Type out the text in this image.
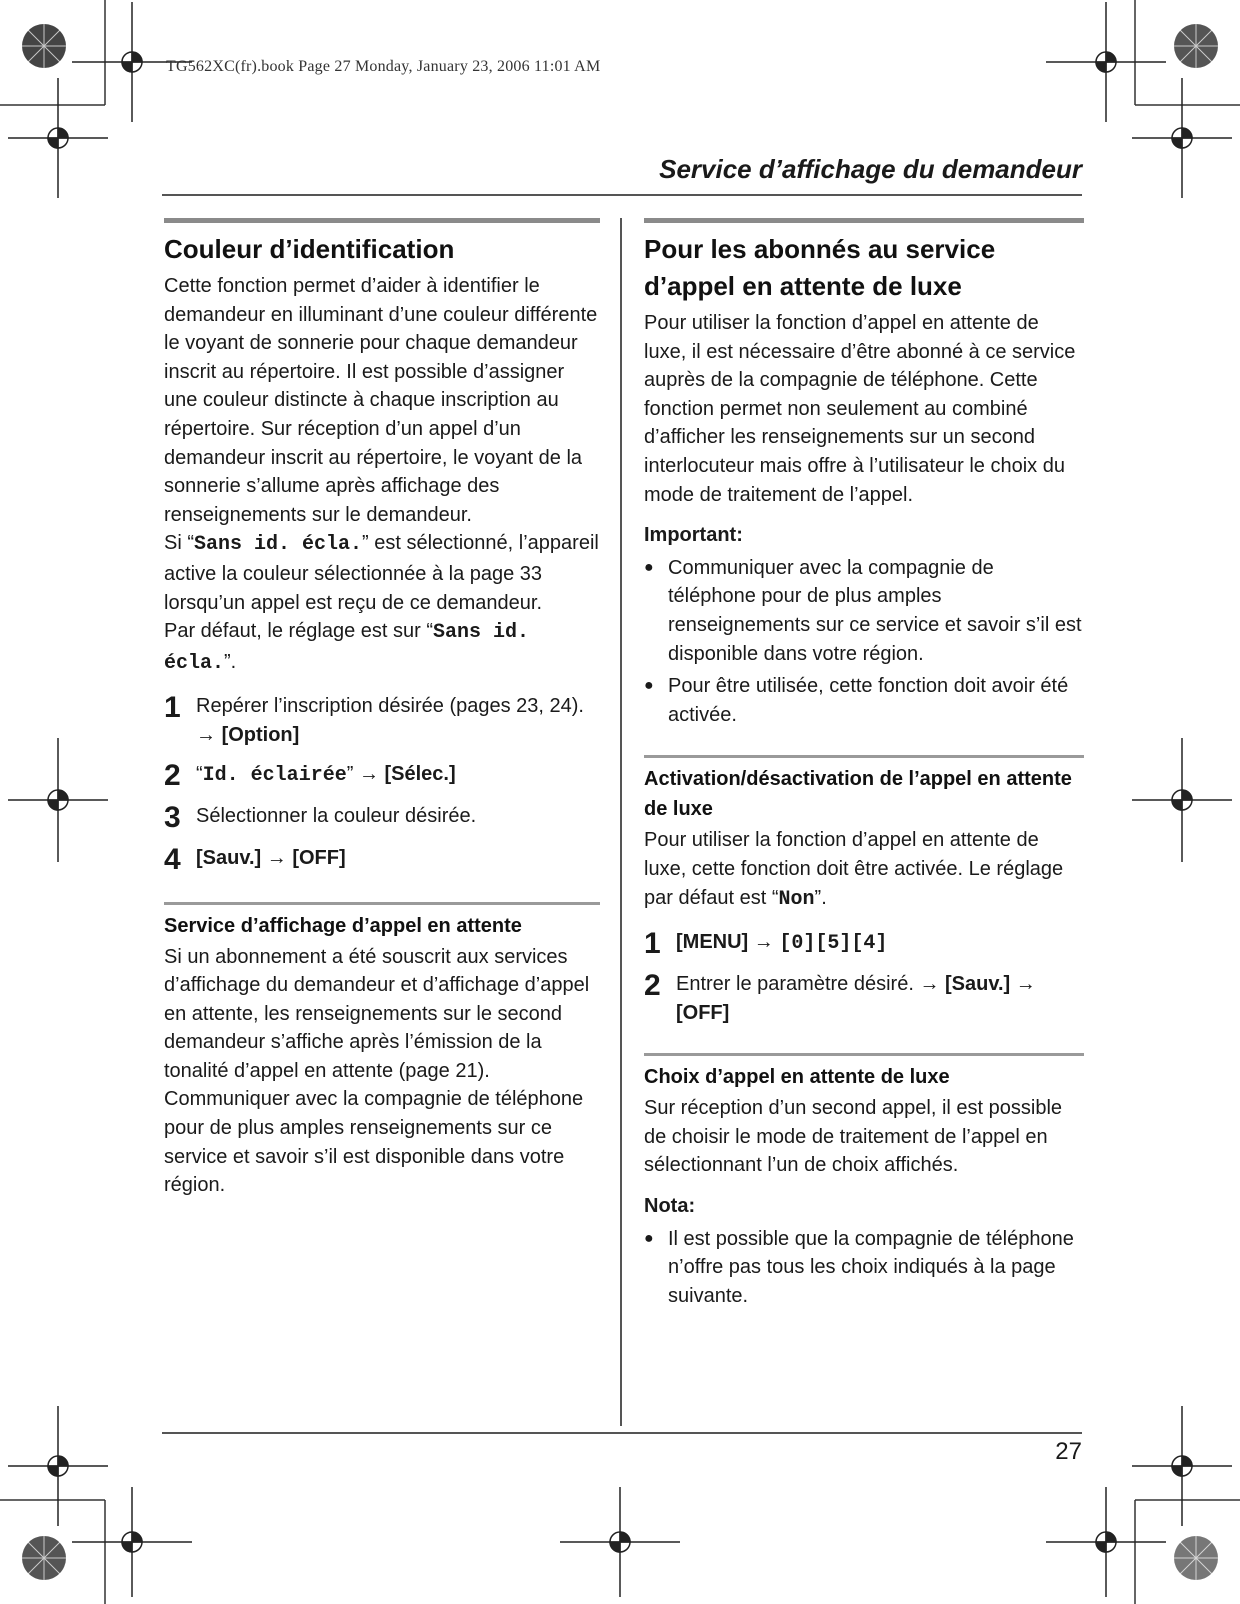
TG562XC(fr).book Page 27 Monday, January 23, 2006 11:01 AM
Service d’affichage du demandeur
Couleur d’identification

Cette fonction permet d’aider à identifier le demandeur en illuminant d’une couleur différente le voyant de sonnerie pour chaque demandeur inscrit au répertoire. Il est possible d’assigner une couleur distincte à chaque inscription au répertoire. Sur réception d’un appel d’un demandeur inscrit au répertoire, le voyant de la sonnerie s’allume après affichage des renseignements sur le demandeur.

Si “Sans id. écla.” est sélectionné, l’appareil active la couleur sélectionnée à la page 33 lorsqu’un appel est reçu de ce demandeur.

Par défaut, le réglage est sur “Sans id. écla.”.

1 Repérer l’inscription désirée (pages 23, 24).
→ [Option]
2 “Id. éclairée” → [Sélec.]
3 Sélectionner la couleur désirée.
4 [Sauv.] → [OFF]
Service d’affichage d’appel en attente

Si un abonnement a été souscrit aux services d’affichage du demandeur et d’affichage d’appel en attente, les renseignements sur le second demandeur s’affiche après l’émission de la tonalité d’appel en attente (page 21). Communiquer avec la compagnie de téléphone pour de plus amples renseignements sur ce service et savoir s’il est disponible dans votre région.

Pour les abonnés au service d’appel en attente de luxe

Pour utiliser la fonction d’appel en attente de luxe, il est nécessaire d’être abonné à ce service auprès de la compagnie de téléphone. Cette fonction permet non seulement au combiné d’afficher les renseignements sur un second interlocuteur mais offre à l’utilisateur le choix du mode de traitement de l’appel.

Important:
● Communiquer avec la compagnie de téléphone pour de plus amples renseignements sur ce service et savoir s’il est disponible dans votre région.
● Pour être utilisée, cette fonction doit avoir été activée.
Activation/désactivation de l’appel en attente de luxe

Pour utiliser la fonction d’appel en attente de luxe, cette fonction doit être activée. Le réglage par défaut est “Non”.

1 [MENU] → [0][5][4]
2 Entrer le paramètre désiré. → [Sauv.] →
[OFF]
Choix d’appel en attente de luxe

Sur réception d’un second appel, il est possible de choisir le mode de traitement de l’appel en sélectionnant l’un de choix affichés.

Nota:
● Il est possible que la compagnie de téléphone n’offre pas tous les choix indiqués à la page suivante.
27
